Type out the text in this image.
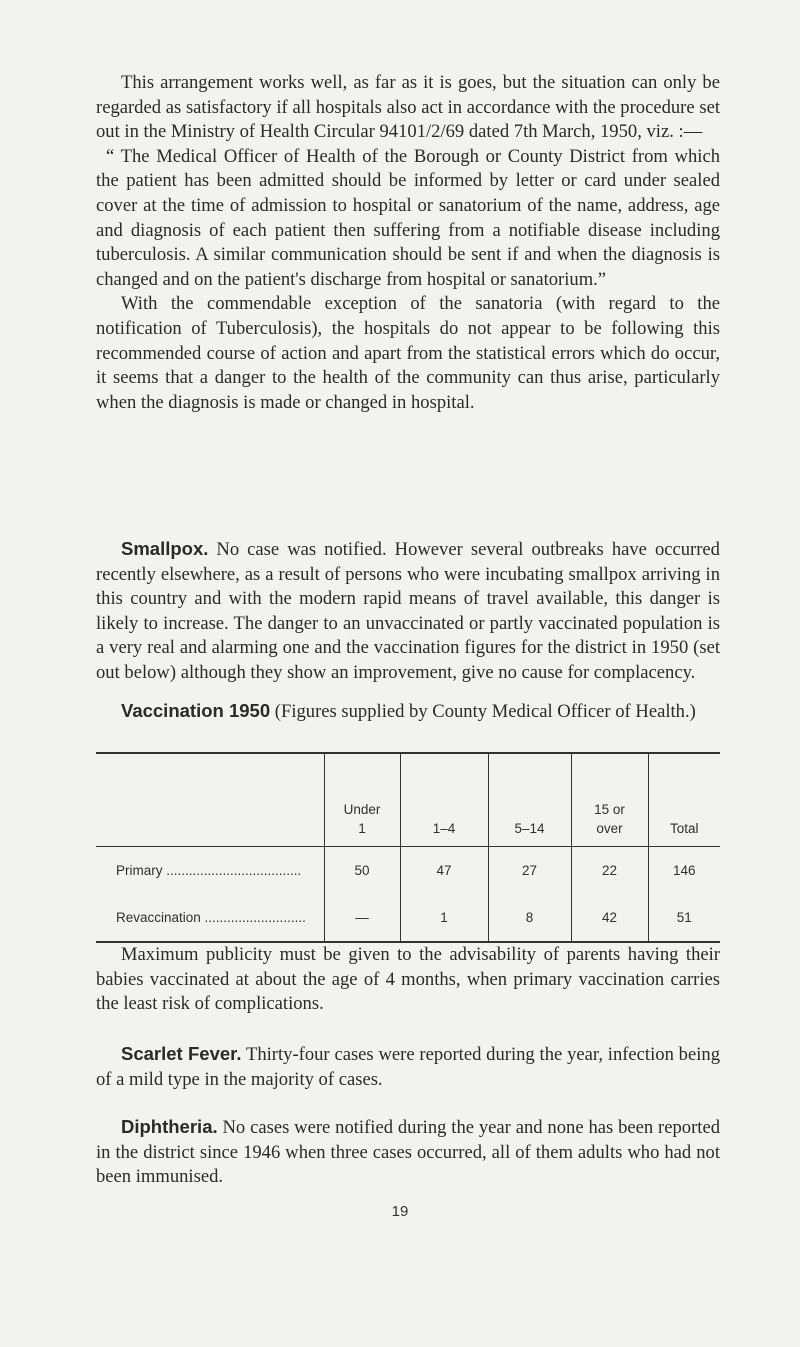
This arrangement works well, as far as it is goes, but the situation can only be regarded as satisfactory if all hospitals also act in accordance with the procedure set out in the Ministry of Health Circular 94101/2/69 dated 7th March, 1950, viz. :—

“ The Medical Officer of Health of the Borough or County District from which the patient has been admitted should be informed by letter or card under sealed cover at the time of admission to hospital or sanatorium of the name, address, age and diagnosis of each patient then suffering from a notifiable disease including tuberculosis. A similar communication should be sent if and when the diagnosis is changed and on the patient's discharge from hospital or sanatorium.”

With the commendable exception of the sanatoria (with regard to the notification of Tuberculosis), the hospitals do not appear to be following this recommended course of action and apart from the statistical errors which do occur, it seems that a danger to the health of the community can thus arise, particularly when the diagnosis is made or changed in hospital.

Smallpox. No case was notified. However several outbreaks have occurred recently elsewhere, as a result of persons who were incubating smallpox arriving in this country and with the modern rapid means of travel available, this danger is likely to increase. The danger to an unvaccinated or partly vaccinated population is a very real and alarming one and the vaccination figures for the district in 1950 (set out below) although they show an improvement, give no cause for complacency.

Vaccination 1950 (Figures supplied by County Medical Officer of Health.)

	Under 1	1–4	5–14	15 or over	Total
Primary ....................................	50	47	27	22	146
Revaccination ...........................	—	1	8	42	51

Maximum publicity must be given to the advisability of parents having their babies vaccinated at about the age of 4 months, when primary vaccination carries the least risk of complications.

Scarlet Fever. Thirty-four cases were reported during the year, infection being of a mild type in the majority of cases.

Diphtheria. No cases were notified during the year and none has been reported in the district since 1946 when three cases occurred, all of them adults who had not been immunised.

19
